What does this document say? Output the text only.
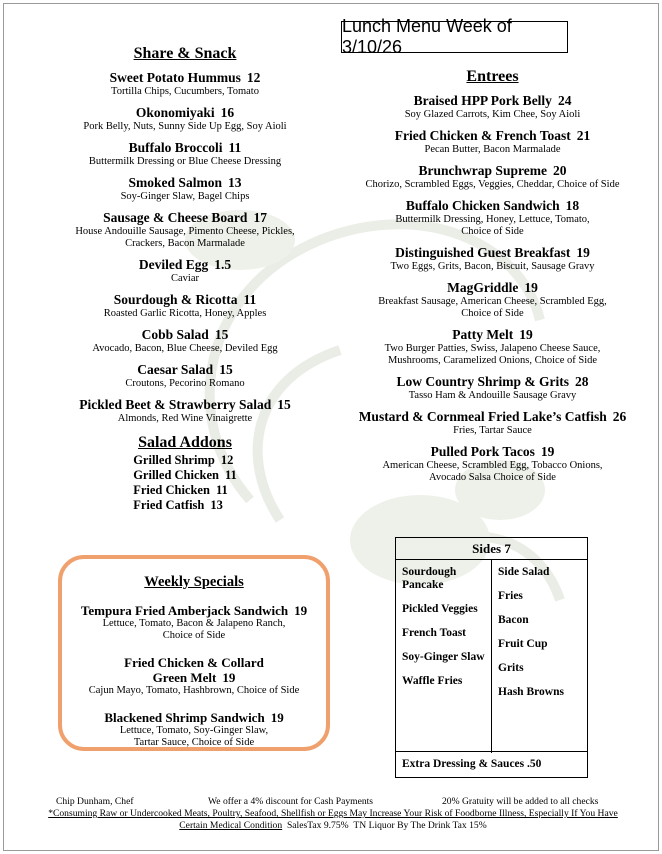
Lunch Menu Week of 3/10/26
Share & Snack
Sweet Potato Hummus 12
Tortilla Chips, Cucumbers, Tomato
Okonomiyaki 16
Pork Belly, Nuts, Sunny Side Up Egg, Soy Aioli
Buffalo Broccoli 11
Buttermilk Dressing or Blue Cheese Dressing
Smoked Salmon 13
Soy-Ginger Slaw, Bagel Chips
Sausage & Cheese Board 17
House Andouille Sausage, Pimento Cheese, Pickles,
Crackers, Bacon Marmalade
Deviled Egg 1.5
Caviar
Sourdough & Ricotta 11
Roasted Garlic Ricotta, Honey, Apples
Cobb Salad 15
Avocado, Bacon, Blue Cheese, Deviled Egg
Caesar Salad 15
Croutons, Pecorino Romano
Pickled Beet & Strawberry Salad 15
Almonds, Red Wine Vinaigrette
Salad Addons
Grilled Shrimp 12
Grilled Chicken 11
Fried Chicken 11
Fried Catfish 13
Weekly Specials
Tempura Fried Amberjack Sandwich 19
Lettuce, Tomato, Bacon & Jalapeno Ranch,
Choice of Side
Fried Chicken & Collard Green Melt 19
Cajun Mayo, Tomato, Hashbrown, Choice of Side
Blackened Shrimp Sandwich 19
Lettuce, Tomato, Soy-Ginger Slaw,
Tartar Sauce, Choice of Side
Entrees
Braised HPP Pork Belly 24
Soy Glazed Carrots, Kim Chee, Soy Aioli
Fried Chicken & French Toast 21
Pecan Butter, Bacon Marmalade
Brunchwrap Supreme 20
Chorizo, Scrambled Eggs, Veggies, Cheddar, Choice of Side
Buffalo Chicken Sandwich 18
Buttermilk Dressing, Honey, Lettuce, Tomato,
Choice of Side
Distinguished Guest Breakfast 19
Two Eggs, Grits, Bacon, Biscuit, Sausage Gravy
MagGriddle 19
Breakfast Sausage, American Cheese, Scrambled Egg,
Choice of Side
Patty Melt 19
Two Burger Patties, Swiss, Jalapeno Cheese Sauce,
Mushrooms, Caramelized Onions, Choice of Side
Low Country Shrimp & Grits 28
Tasso Ham & Andouille Sausage Gravy
Mustard & Cornmeal Fried Lake’s Catfish 26
Fries, Tartar Sauce
Pulled Pork Tacos 19
American Cheese, Scrambled Egg, Tobacco Onions,
Avocado Salsa Choice of Side
Sides 7
Sourdough Pancake
Pickled Veggies
French Toast
Soy-Ginger Slaw
Waffle Fries
Side Salad
Fries
Bacon
Fruit Cup
Grits
Hash Browns
Extra Dressing & Sauces .50
Chip Dunham, Chef	We offer a 4% discount for Cash Payments	20% Gratuity will be added to all checks
*Consuming Raw or Undercooked Meats, Poultry, Seafood, Shellfish or Eggs May Increase Your Risk of Foodborne Illness, Especially If You Have
Certain Medical Condition SalesTax 9.75% TN Liquor By The Drink Tax 15%
